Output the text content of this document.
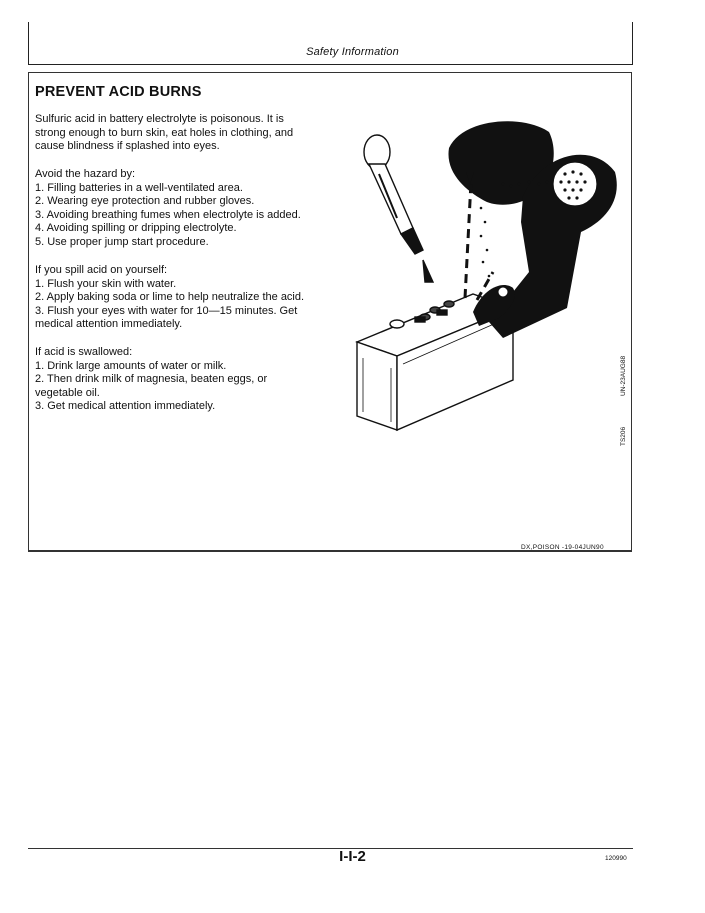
Safety Information
PREVENT ACID BURNS

Sulfuric acid in battery electrolyte is poisonous. It is

strong enough to burn skin, eat holes in clothing, and

cause blindness if splashed into eyes.

Avoid the hazard by:

1. Filling batteries in a well-ventilated area.

2. Wearing eye protection and rubber gloves.

3. Avoiding breathing fumes when electrolyte is added.

4. Avoiding spilling or dripping electrolyte.

5. Use proper jump start procedure.

If you spill acid on yourself:

1. Flush your skin with water.

2. Apply baking soda or lime to help neutralize the acid.

3. Flush your eyes with water for 10—15 minutes. Get

medical attention immediately.

If acid is swallowed:

1. Drink large amounts of water or milk.

2. Then drink milk of magnesia, beaten eggs, or

vegetable oil.

3. Get medical attention immediately.

TS206
UN-23AUG88
DX,POISON -19-04JUN90
I-I-2	120990
